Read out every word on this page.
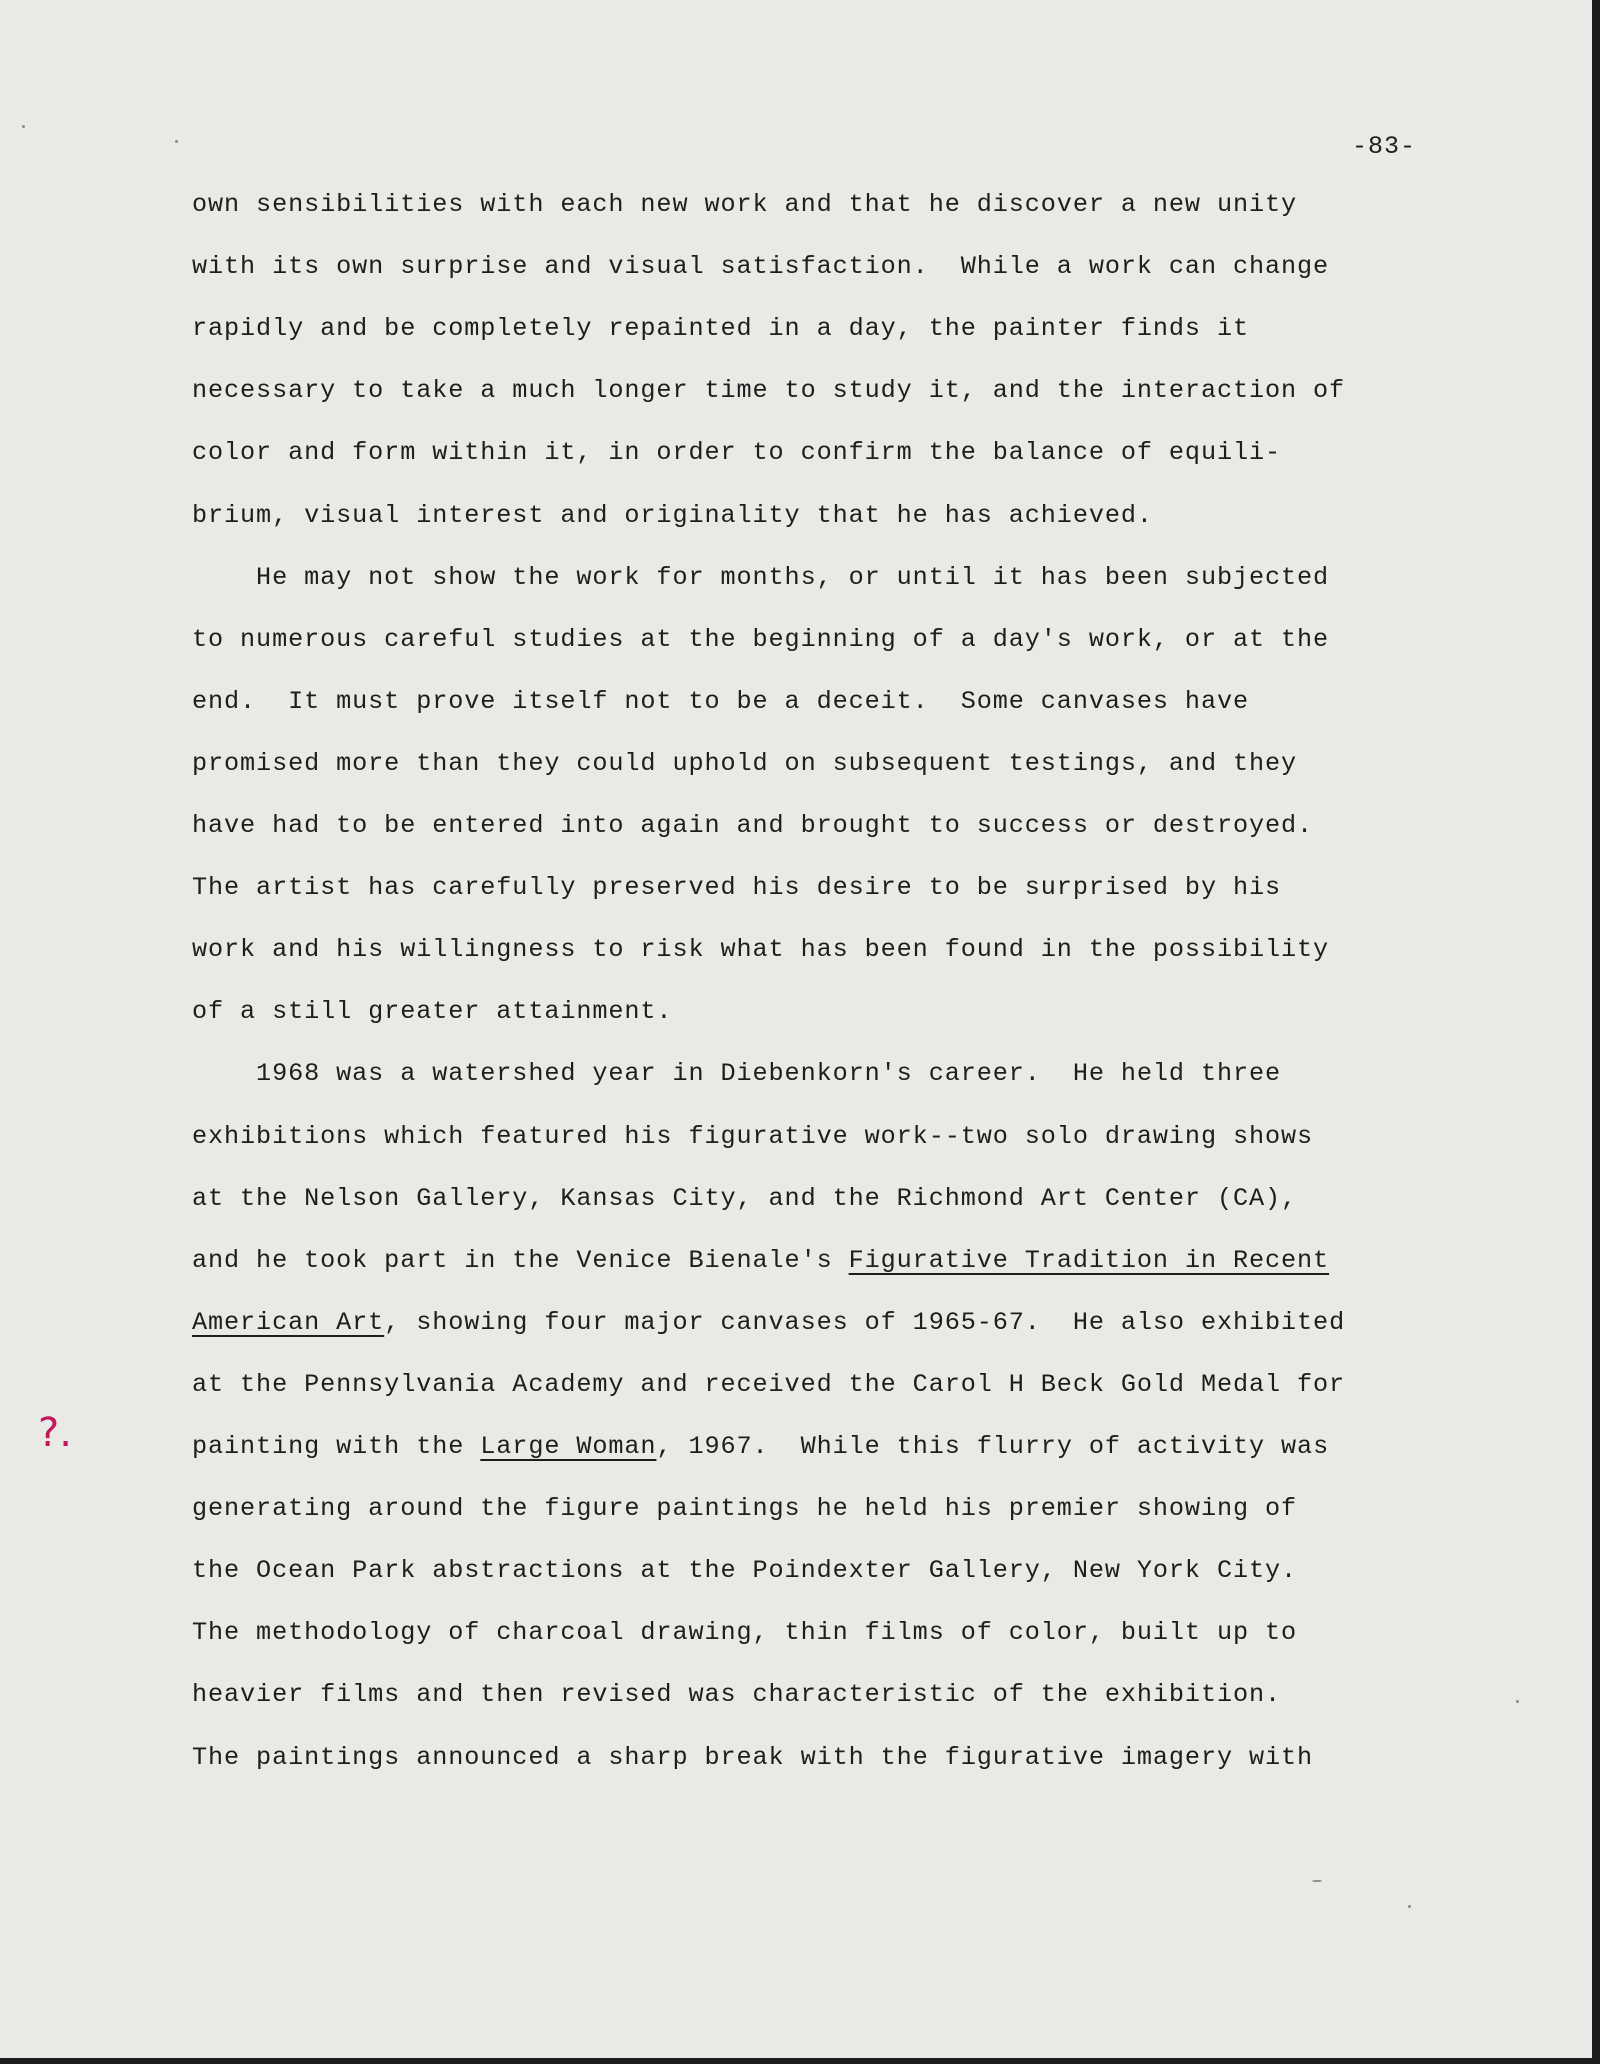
-83-
own sensibilities with each new work and that he discover a new unity
with its own surprise and visual satisfaction.  While a work can change
rapidly and be completely repainted in a day, the painter finds it
necessary to take a much longer time to study it, and the interaction of
color and form within it, in order to confirm the balance of equili-
brium, visual interest and originality that he has achieved.
He may not show the work for months, or until it has been subjected
to numerous careful studies at the beginning of a day's work, or at the
end.  It must prove itself not to be a deceit.  Some canvases have
promised more than they could uphold on subsequent testings, and they
have had to be entered into again and brought to success or destroyed.
The artist has carefully preserved his desire to be surprised by his
work and his willingness to risk what has been found in the possibility
of a still greater attainment.
1968 was a watershed year in Diebenkorn's career.  He held three
exhibitions which featured his figurative work--two solo drawing shows
at the Nelson Gallery, Kansas City, and the Richmond Art Center (CA),
and he took part in the Venice Bienale's Figurative Tradition in Recent
American Art, showing four major canvases of 1965-67.  He also exhibited
at the Pennsylvania Academy and received the Carol H Beck Gold Medal for
painting with the Large Woman, 1967.  While this flurry of activity was
generating around the figure paintings he held his premier showing of
the Ocean Park abstractions at the Poindexter Gallery, New York City.
The methodology of charcoal drawing, thin films of color, built up to
heavier films and then revised was characteristic of the exhibition.
The paintings announced a sharp break with the figurative imagery with
?.
